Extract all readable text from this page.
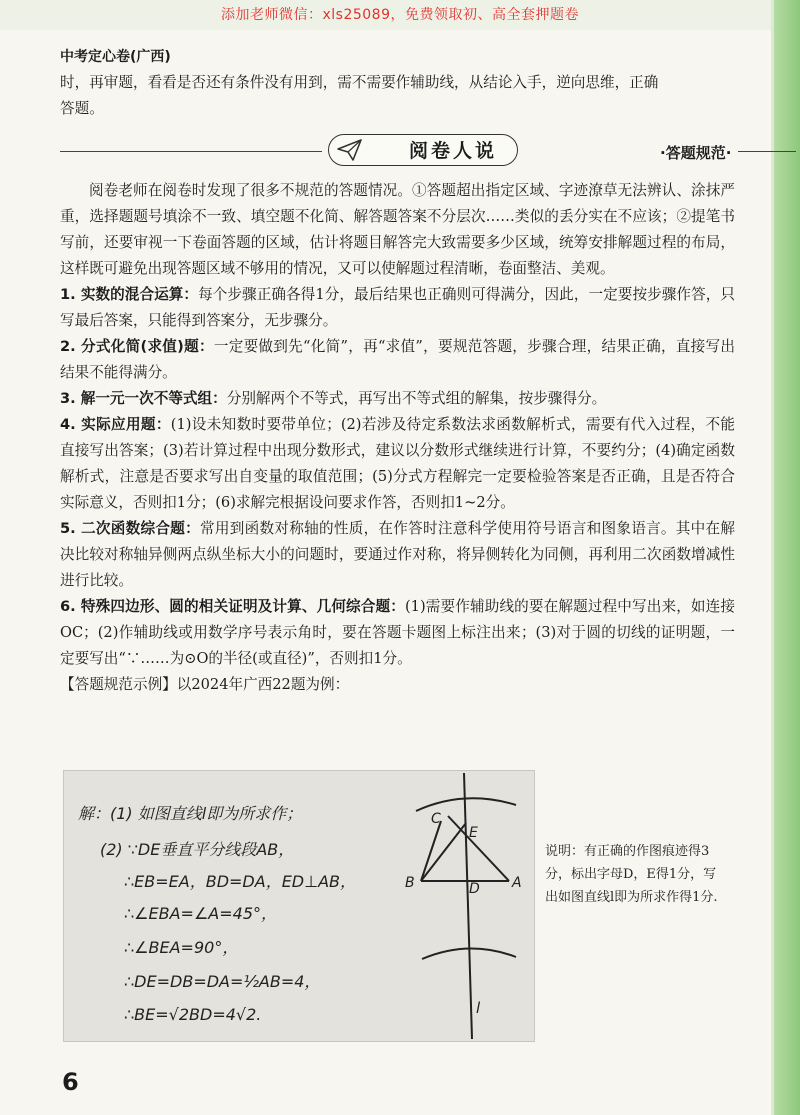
添加老师微信：xls25089，免费领取初、高全套押题卷
中考定心卷(广西)

时，再审题，看看是否还有条件没有用到，需不需要作辅助线，从结论入手，逆向思维，正确

答题。

阅卷人说	·答题规范·

阅卷老师在阅卷时发现了很多不规范的答题情况。①答题超出指定区域、字迹潦草无法辨认、涂抹严重，选择题题号填涂不一致、填空题不化简、解答题答案不分层次……类似的丢分实在不应该；②提笔书写前，还要审视一下卷面答题的区域，估计将题目解答完大致需要多少区域，统筹安排解题过程的布局，这样既可避免出现答题区域不够用的情况，又可以使解题过程清晰，卷面整洁、美观。

1. 实数的混合运算：每个步骤正确各得1分，最后结果也正确则可得满分，因此，一定要按步骤作答，只写最后答案，只能得到答案分，无步骤分。

2. 分式化简(求值)题：一定要做到先“化简”，再“求值”，要规范答题，步骤合理，结果正确，直接写出结果不能得满分。

3. 解一元一次不等式组：分别解两个不等式，再写出不等式组的解集，按步骤得分。

4. 实际应用题：(1)设未知数时要带单位；(2)若涉及待定系数法求函数解析式，需要有代入过程，不能直接写出答案；(3)若计算过程中出现分数形式，建议以分数形式继续进行计算，不要约分；(4)确定函数解析式，注意是否要求写出自变量的取值范围；(5)分式方程解完一定要检验答案是否正确，且是否符合实际意义，否则扣1分；(6)求解完根据设问要求作答，否则扣1~2分。

5. 二次函数综合题：常用到函数对称轴的性质，在作答时注意科学使用符号语言和图象语言。其中在解决比较对称轴异侧两点纵坐标大小的问题时，要通过作对称，将异侧转化为同侧，再利用二次函数增减性进行比较。

6. 特殊四边形、圆的相关证明及计算、几何综合题：(1)需要作辅助线的要在解题过程中写出来，如连接OC；(2)作辅助线或用数学序号表示角时，要在答题卡题图上标注出来；(3)对于圆的切线的证明题，一定要写出“∵……为⊙O的半径(或直径)”，否则扣1分。

【答题规范示例】以2024年广西22题为例：

解：(1) 如图直线l即为所求作；
(2) ∵DE垂直平分线段AB，
∴EB=EA，BD=DA，ED⊥AB，
∴∠EBA=∠A=45°，
∴∠BEA=90°，
∴DE=DB=DA=½AB=4，
∴BE=√2BD=4√2.
C
E
B	D A
l
说明：有正确的作图痕迹得3分，标出字母D，E得1分，写出如图直线l即为所求作得1分.
6
